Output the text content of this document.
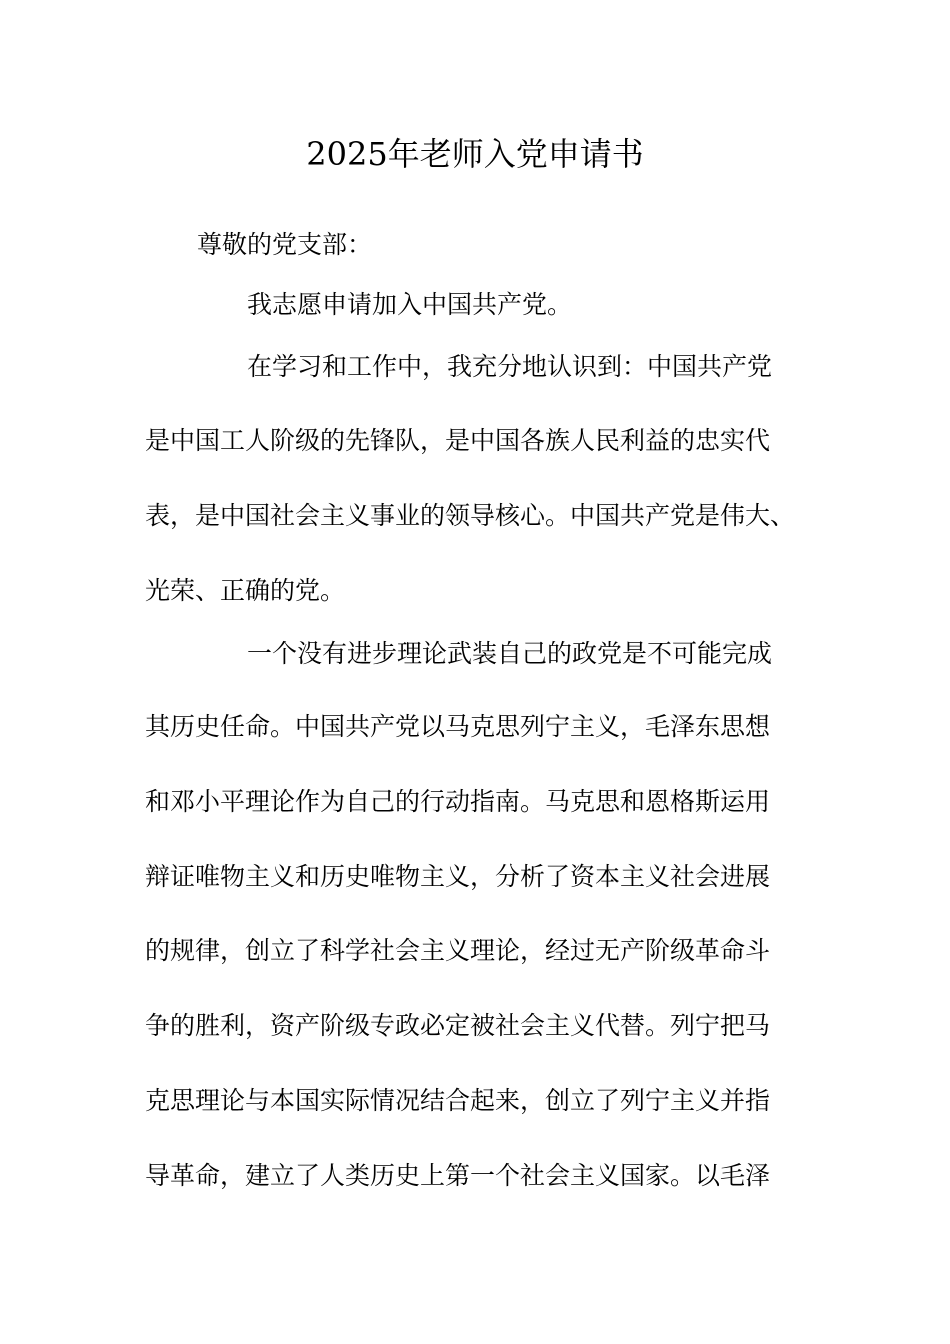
2025年老师入党申请书
尊敬的党支部：
我志愿申请加入中国共产党。
在学习和工作中，我充分地认识到：中国共产党
是中国工人阶级的先锋队，是中国各族人民利益的忠实代
表，是中国社会主义事业的领导核心。中国共产党是伟大、
光荣、正确的党。
一个没有进步理论武装自己的政党是不可能完成
其历史任命。中国共产党以马克思列宁主义，毛泽东思想
和邓小平理论作为自己的行动指南。马克思和恩格斯运用
辩证唯物主义和历史唯物主义，分析了资本主义社会进展
的规律，创立了科学社会主义理论，经过无产阶级革命斗
争的胜利，资产阶级专政必定被社会主义代替。列宁把马
克思理论与本国实际情况结合起来，创立了列宁主义并指
导革命，建立了人类历史上第一个社会主义国家。以毛泽
